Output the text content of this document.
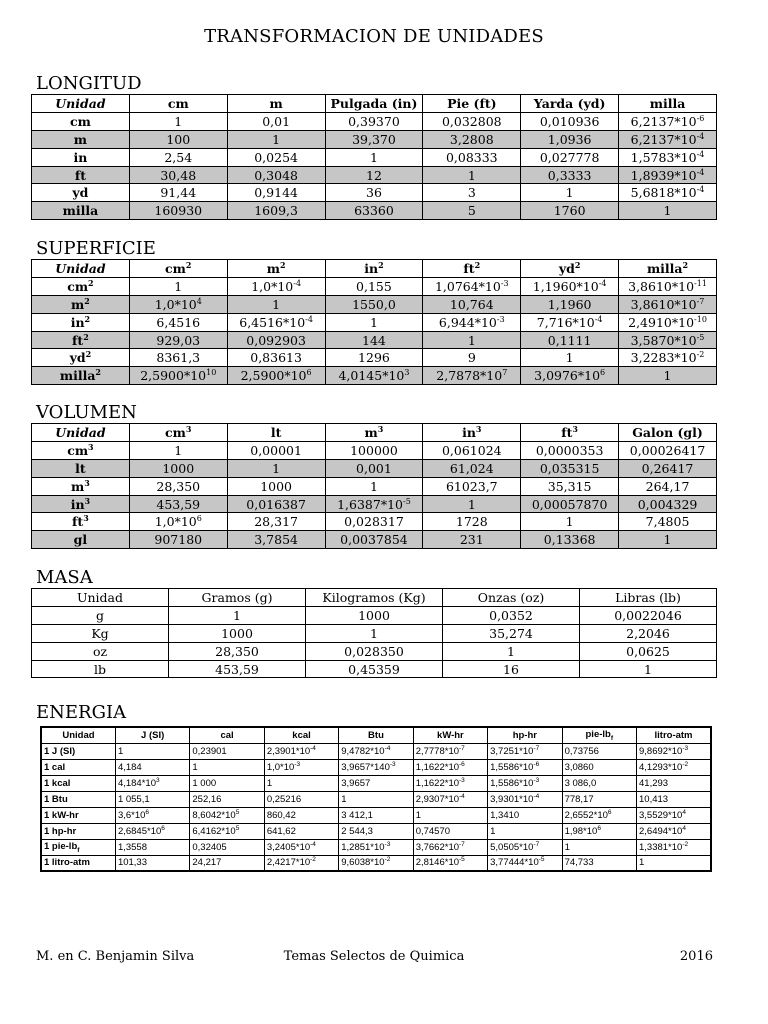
TRANSFORMACION DE UNIDADES
LONGITUD
Unidad	cm	m	Pulgada (in)	Pie (ft)	Yarda (yd)	milla
cm	1	0,01	0,39370	0,032808	0,010936	$6,2137*10^{-6}$
m	100	1	39,370	3,2808	1,0936	$6,2137*10^{-4}$
in	2,54	0,0254	1	0,08333	0,027778	$1,5783*10^{-4}$
ft	30,48	0,3048	12	1	0,3333	$1,8939*10^{-4}$
yd	91,44	0,9144	36	3	1	$5,6818*10^{-4}$
milla	160930	1609,3	63360	5	1760	1
SUPERFICIE
Unidad	$cm^2$	$m^2$	$in^2$	$ft^2$	$yd^2$	milla$^2$
$cm^2$	1	$1,0*10^{-4}$	0,155	$1,0764*10^{-3}$	$1,1960*10^{-4}$	$3,8610*10^{-11}$
$m^2$	$1,0*10^4$	1	1550,0	10,764	1,1960	$3,8610*10^{-7}$
$in^2$	6,4516	$6,4516*10^{-4}$	1	$6,944*10^{-3}$	$7,716*10^{-4}$	$2,4910*10^{-10}$
$ft^2$	929,03	0,092903	144	1	0,1111	$3,5870*10^{-5}$
$yd^2$	8361,3	0,83613	1296	9	1	$3,2283*10^{-2}$
milla$^2$	$2,5900*10^{10}$	$2,5900*10^6$	$4,0145*10^3$	$2,7878*10^7$	$3,0976*10^6$	1
VOLUMEN
Unidad	$cm^3$	lt	$m^3$	$in^3$	$ft^3$	Galon (gl)
$cm^3$	1	0,00001	100000	0,061024	0,0000353	0,00026417
lt	1000	1	0,001	61,024	0,035315	0,26417
$m^3$	28,350	1000	1	61023,7	35,315	264,17
$in^3$	453,59	0,016387	$1,6387*10^{-5}$	1	0,00057870	0,004329
$ft^3$	$1,0*10^6$	28,317	0,028317	1728	1	7,4805
gl	907180	3,7854	0,0037854	231	0,13368	1
MASA
Unidad	Gramos (g)	Kilogramos (Kg)	Onzas (oz)	Libras (lb)
g	1	1000	0,0352	0,0022046
Kg	1000	1	35,274	2,2046
oz	28,350	0,028350	1	0,0625
lb	453,59	0,45359	16	1
ENERGIA
Unidad	J (SI)	cal	kcal	Btu	kW-hr	hp-hr	pie-$lb_f$	litro-atm
1 J (SI)	1	0,23901	$2,3901*10^{-4}$	$9,4782*10^{-4}$	$2,7778*10^{-7}$	$3,7251*10^{-7}$	0,73756	$9,8692*10^{-3}$
1 cal	4,184	1	$1,0*10^{-3}$	$3,9657*140^{-3}$	$1,1622*10^{-6}$	$1,5586*10^{-6}$	3,0860	$4,1293*10^{-2}$
1 kcal	$4,184*10^3$	1 000	1	3,9657	$1,1622*10^{-3}$	$1,5586*10^{-3}$	3 086,0	41,293
1 Btu	1 055,1	252,16	0,25216	1	$2,9307*10^{-4}$	$3,9301*10^{-4}$	778,17	10,413
1 kW-hr	$3,6*10^6$	$8,6042*10^5$	860,42	3 412,1	1	1,3410	$2,6552*10^6$	$3,5529*10^4$
1 hp-hr	$2,6845*10^6$	$6,4162*10^5$	641,62	2 544,3	0,74570	1	$1,98*10^6$	$2,6494*10^4$
1 pie-$lb_f$	1,3558	0,32405	$3,2405*10^{-4}$	$1,2851*10^{-3}$	$3,7662*10^{-7}$	$5,0505*10^{-7}$	1	$1,3381*10^{-2}$
1 litro-atm	101,33	24,217	$2,4217*10^{-2}$	$9,6038*10^{-2}$	$2,8146*10^{-5}$	$3,77444*10^{-5}$	74,733	1
M. en C. Benjamin Silva	Temas Selectos de Quimica	2016
